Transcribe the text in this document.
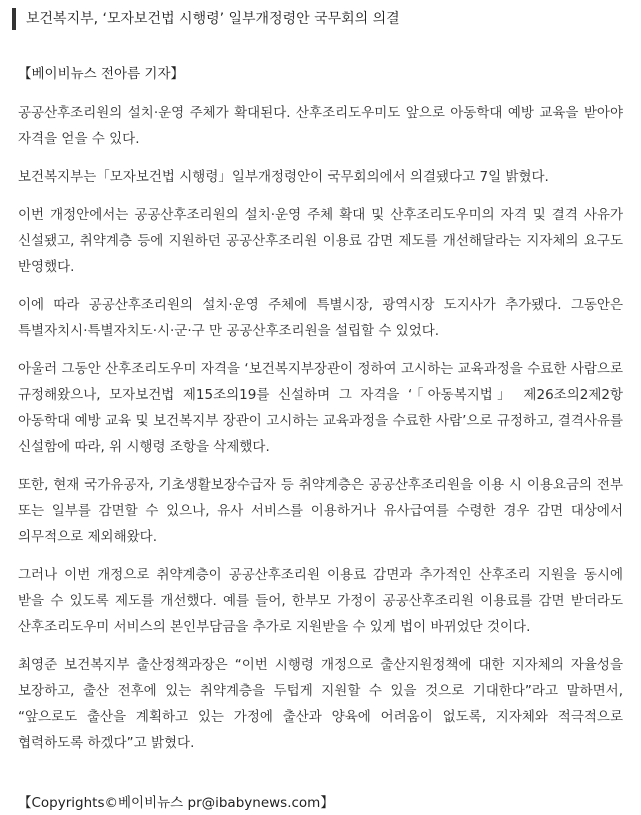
보건복지부, ‘모자보건법 시행령’ 일부개정령안 국무회의 의결
【베이비뉴스 전아름 기자】

공공산후조리원의 설치·운영 주체가 확대된다. 산후조리도우미도 앞으로 아동학대 예방 교육을 받아야 자격을 얻을 수 있다.

보건복지부는「모자보건법 시행령」일부개정령안이 국무회의에서 의결됐다고 7일 밝혔다.

이번 개정안에서는 공공산후조리원의 설치·운영 주체 확대 및 산후조리도우미의 자격 및 결격 사유가 신설됐고, 취약계층 등에 지원하던 공공산후조리원 이용료 감면 제도를 개선해달라는 지자체의 요구도 반영했다.

이에 따라 공공산후조리원의 설치·운영 주체에 특별시장, 광역시장 도지사가 추가됐다. 그동안은 특별자치시·특별자치도·시·군·구 만 공공산후조리원을 설립할 수 있었다.

아울러 그동안 산후조리도우미 자격을 ‘보건복지부장관이 정하여 고시하는 교육과정을 수료한 사람으로 규정해왔으나, 모자보건법 제15조의19를 신설하며 그 자격을 ‘「아동복지법」 제26조의2제2항 아동학대 예방 교육 및 보건복지부 장관이 고시하는 교육과정을 수료한 사람’으로 규정하고, 결격사유를 신설함에 따라, 위 시행령 조항을 삭제했다.

또한, 현재 국가유공자, 기초생활보장수급자 등 취약계층은 공공산후조리원을 이용 시 이용요금의 전부 또는 일부를 감면할 수 있으나, 유사 서비스를 이용하거나 유사급여를 수령한 경우 감면 대상에서 의무적으로 제외해왔다.

그러나 이번 개정으로 취약계층이 공공산후조리원 이용료 감면과 추가적인 산후조리 지원을 동시에 받을 수 있도록 제도를 개선했다. 예를 들어, 한부모 가정이 공공산후조리원 이용료를 감면 받더라도 산후조리도우미 서비스의 본인부담금을 추가로 지원받을 수 있게 법이 바뀌었단 것이다.

최영준 보건복지부 출산정책과장은 “이번 시행령 개정으로 출산지원정책에 대한 지자체의 자율성을 보장하고, 출산 전후에 있는 취약계층을 두텁게 지원할 수 있을 것으로 기대한다”라고 말하면서, “앞으로도 출산을 계획하고 있는 가정에 출산과 양육에 어려움이 없도록, 지자체와 적극적으로 협력하도록 하겠다”고 밝혔다.

【Copyrights©베이비뉴스 pr@ibabynews.com】
